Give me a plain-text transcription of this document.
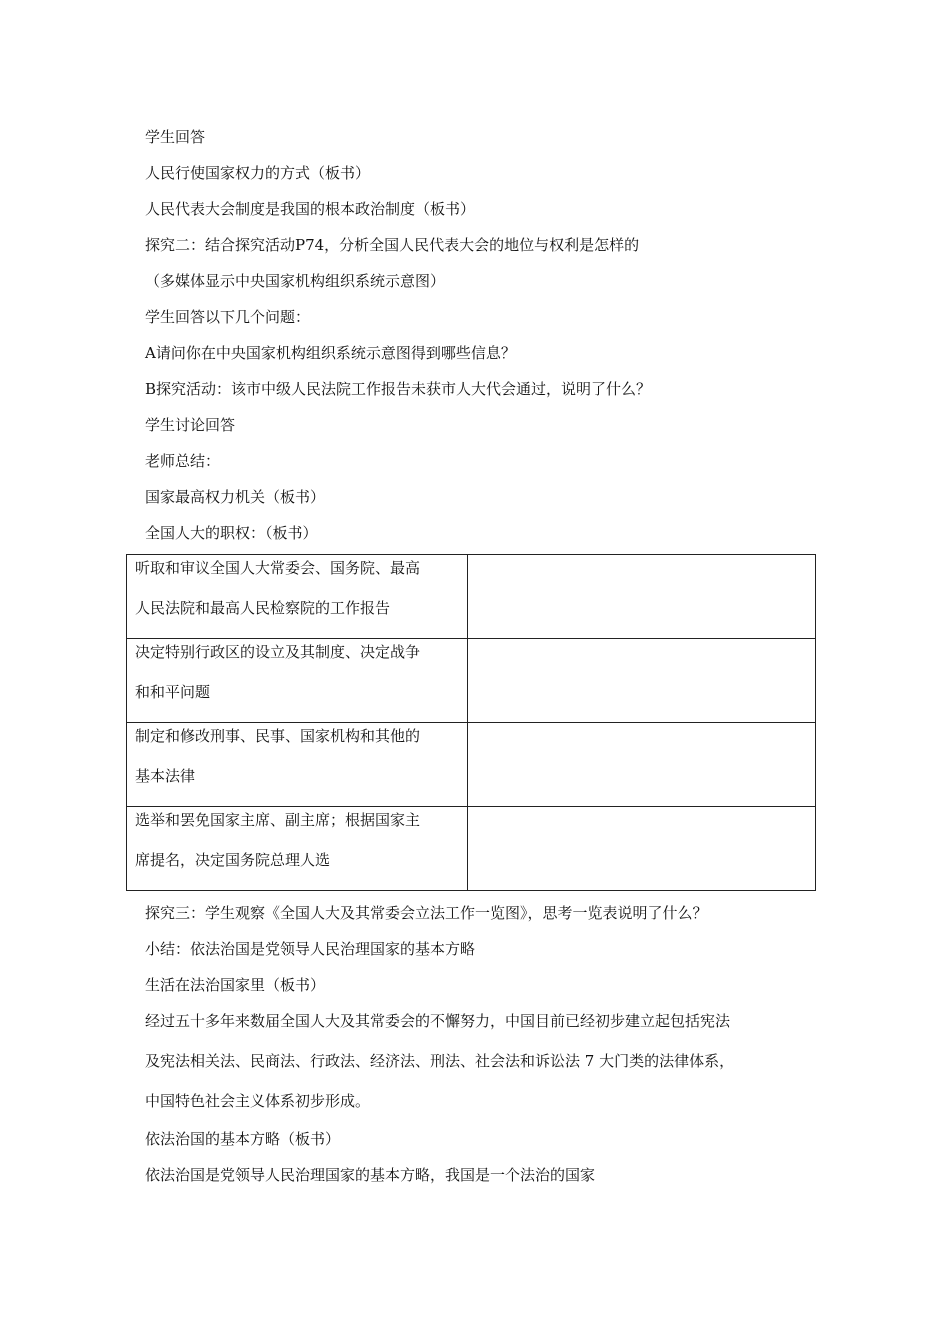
学生回答
人民行使国家权力的方式（板书）
人民代表大会制度是我国的根本政治制度（板书）
探究二：结合探究活动P74，分析全国人民代表大会的地位与权利是怎样的
（多媒体显示中央国家机构组织系统示意图）
学生回答以下几个问题：
A请问你在中央国家机构组织系统示意图得到哪些信息？
B探究活动：该市中级人民法院工作报告未获市人大代会通过，说明了什么？
学生讨论回答
老师总结：
国家最高权力机关（板书）
全国人大的职权：（板书）
听取和审议全国人大常委会、国务院、最高
人民法院和最高人民检察院的工作报告	

决定特别行政区的设立及其制度、决定战争
和和平问题	

制定和修改刑事、民事、国家机构和其他的
基本法律	

选举和罢免国家主席、副主席；根据国家主
席提名，决定国务院总理人选	

探究三：学生观察《全国人大及其常委会立法工作一览图》，思考一览表说明了什么？
小结：依法治国是党领导人民治理国家的基本方略
生活在法治国家里（板书）
经过五十多年来数届全国人大及其常委会的不懈努力，中国目前已经初步建立起包括宪法
及宪法相关法、民商法、行政法、经济法、刑法、社会法和诉讼法 7 大门类的法律体系，
中国特色社会主义体系初步形成。
依法治国的基本方略（板书）
依法治国是党领导人民治理国家的基本方略，我国是一个法治的国家
